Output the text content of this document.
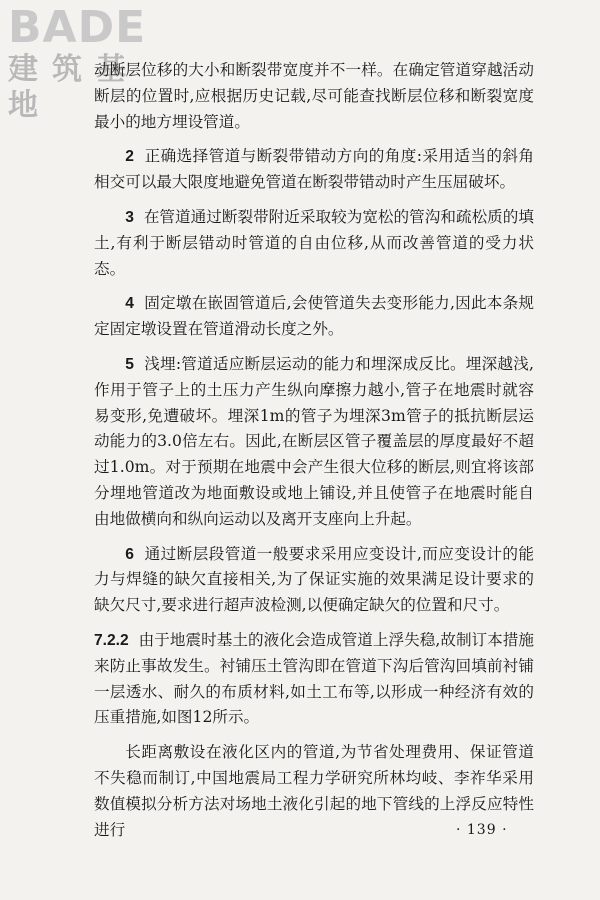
BADE
建筑基地

动断层位移的大小和断裂带宽度并不一样。在确定管道穿越活动断层的位置时,应根据历史记载,尽可能查找断层位移和断裂宽度最小的地方埋设管道。

2 正确选择管道与断裂带错动方向的角度:采用适当的斜角相交可以最大限度地避免管道在断裂带错动时产生压屈破坏。

3 在管道通过断裂带附近采取较为宽松的管沟和疏松质的填土,有利于断层错动时管道的自由位移,从而改善管道的受力状态。

4 固定墩在嵌固管道后,会使管道失去变形能力,因此本条规定固定墩设置在管道滑动长度之外。

5 浅埋:管道适应断层运动的能力和埋深成反比。埋深越浅,作用于管子上的土压力产生纵向摩擦力越小,管子在地震时就容易变形,免遭破坏。埋深1m的管子为埋深3m管子的抵抗断层运动能力的3.0倍左右。因此,在断层区管子覆盖层的厚度最好不超过1.0m。对于预期在地震中会产生很大位移的断层,则宜将该部分埋地管道改为地面敷设或地上铺设,并且使管子在地震时能自由地做横向和纵向运动以及离开支座向上升起。

6 通过断层段管道一般要求采用应变设计,而应变设计的能力与焊缝的缺欠直接相关,为了保证实施的效果满足设计要求的缺欠尺寸,要求进行超声波检测,以便确定缺欠的位置和尺寸。

7.2.2 由于地震时基土的液化会造成管道上浮失稳,故制订本措施来防止事故发生。衬铺压土管沟即在管道下沟后管沟回填前衬铺一层透水、耐久的布质材料,如土工布等,以形成一种经济有效的压重措施,如图12所示。

长距离敷设在液化区内的管道,为节省处理费用、保证管道不失稳而制订,中国地震局工程力学研究所林均岐、李祚华采用数值模拟分析方法对场地土液化引起的地下管线的上浮反应特性进行	· 139 ·
